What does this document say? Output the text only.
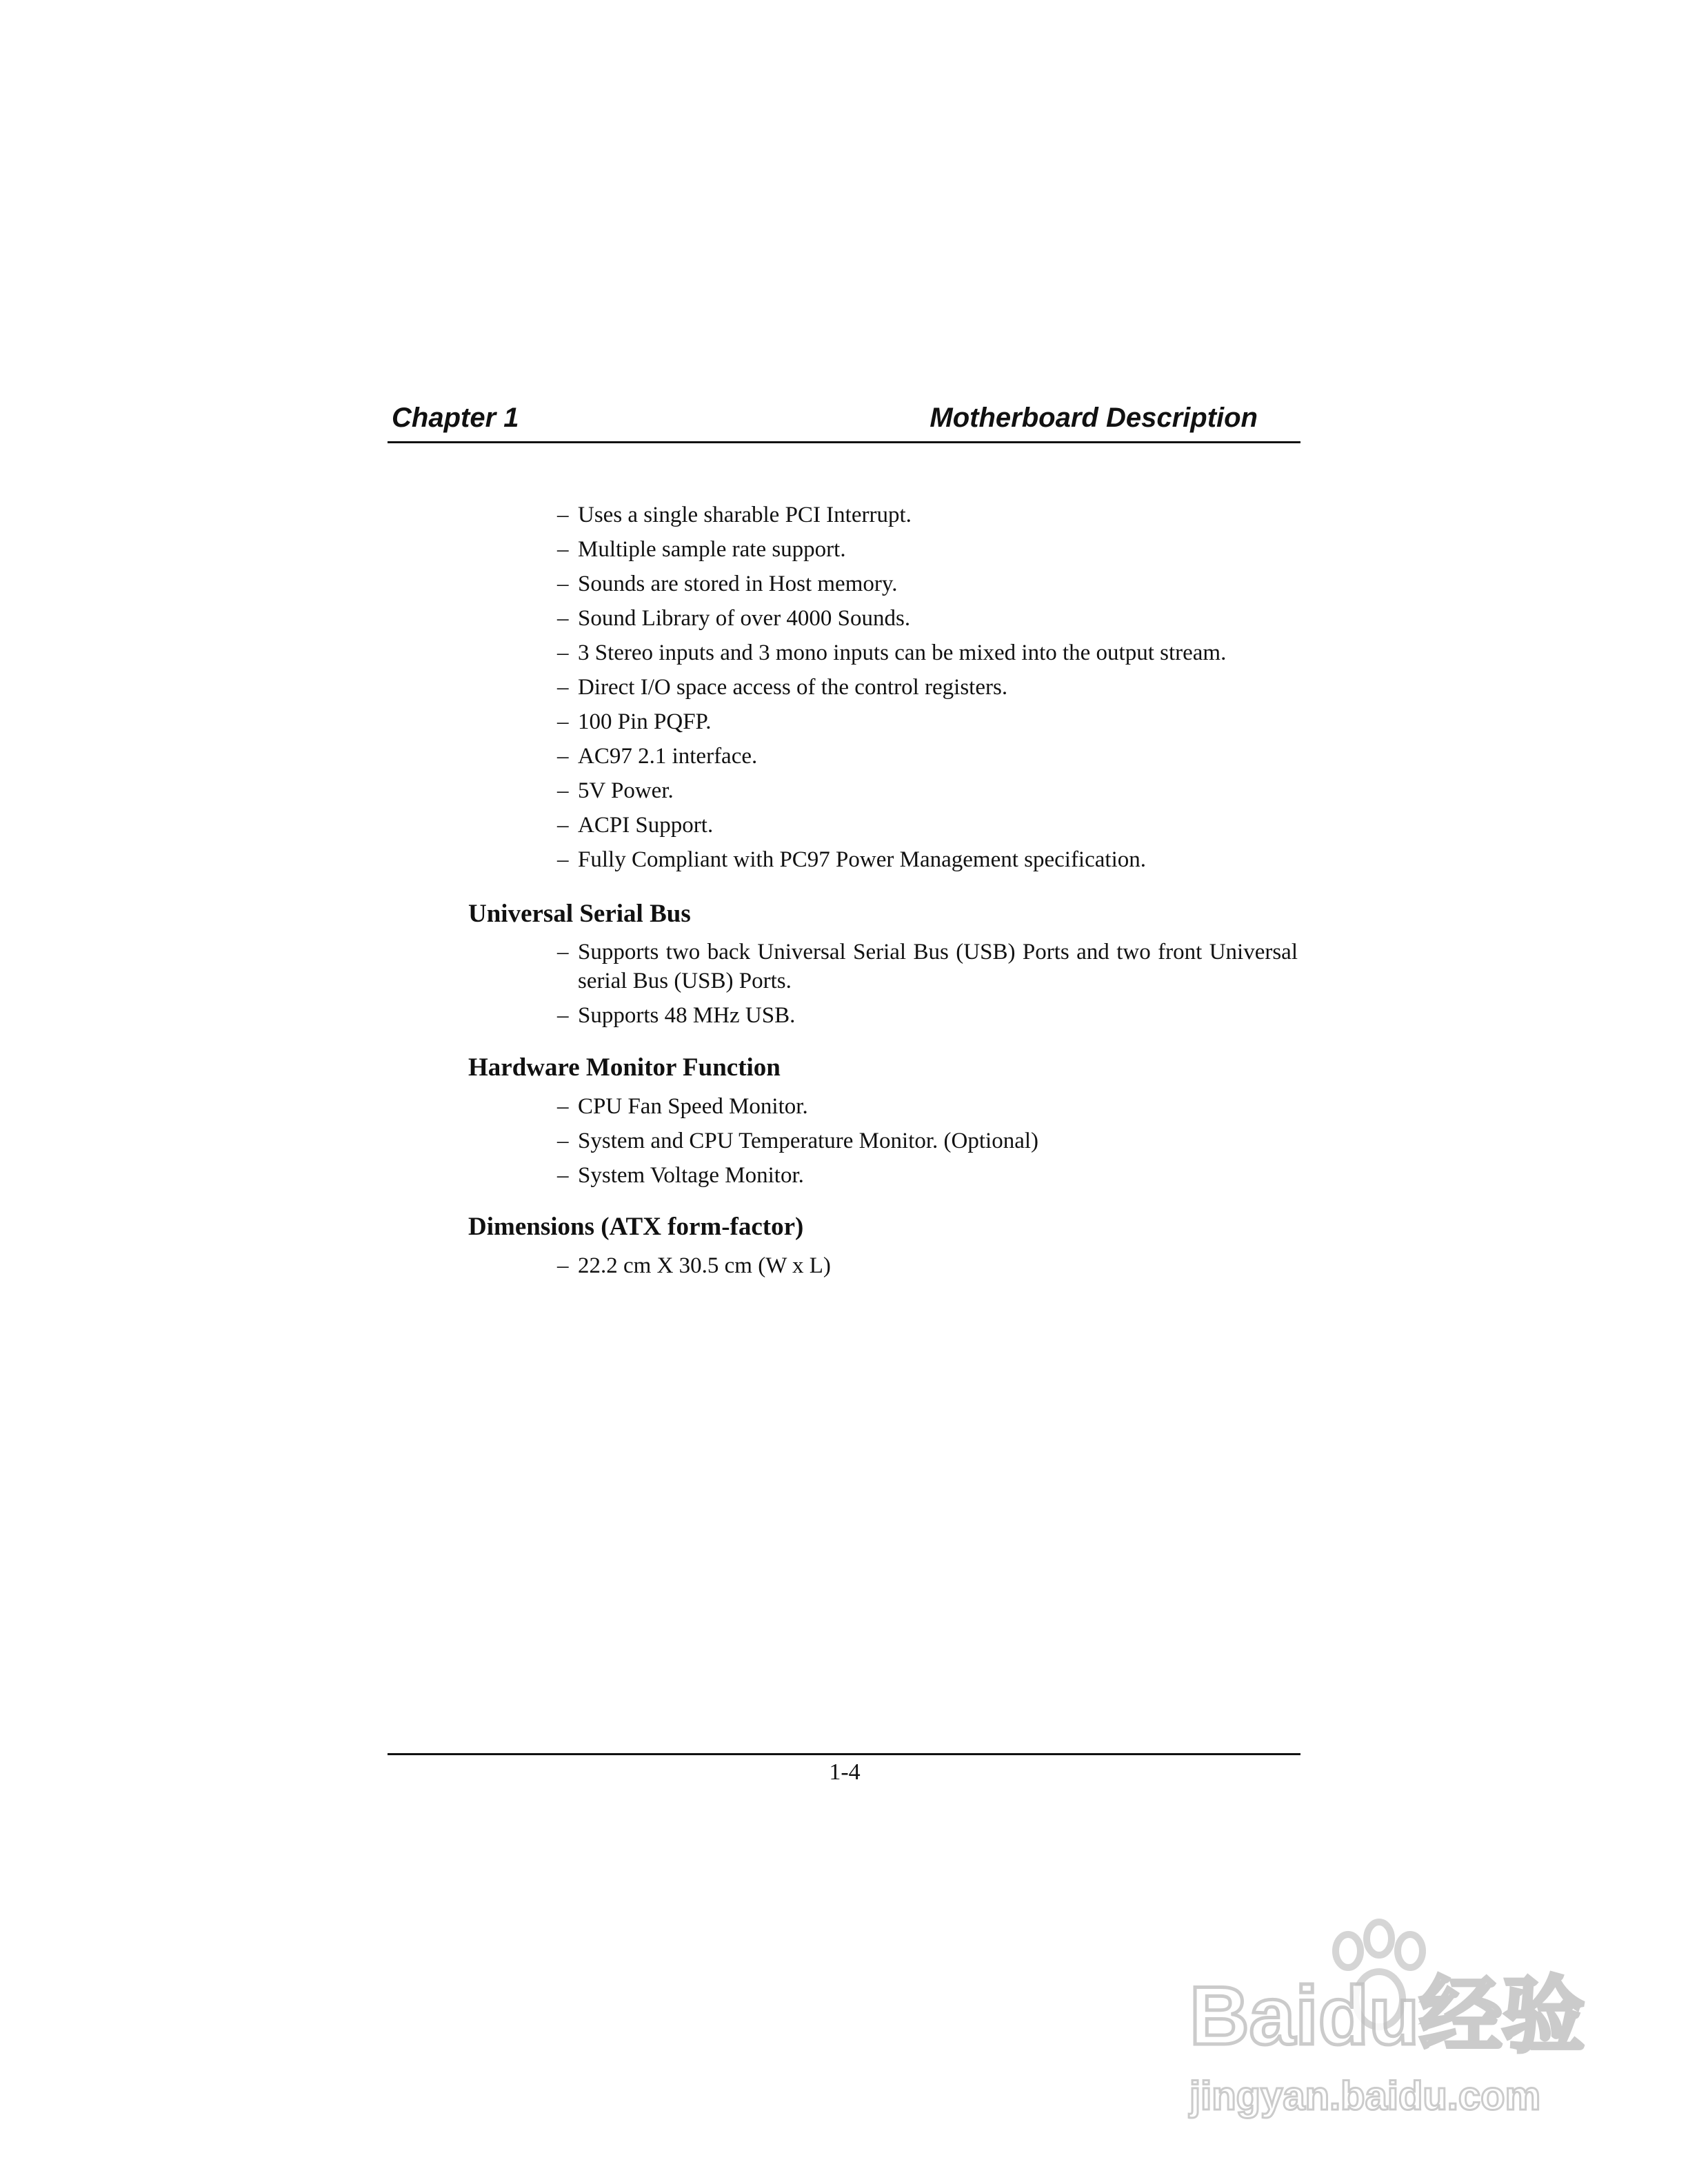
Chapter 1	Motherboard Description
– Uses a single sharable PCI Interrupt.
– Multiple sample rate support.
– Sounds are stored in Host memory.
– Sound Library of over 4000 Sounds.
– 3 Stereo inputs and 3 mono inputs can be mixed into the output stream.
– Direct I/O space access of the control registers.
– 100 Pin PQFP.
– AC97 2.1 interface.
– 5V Power.
– ACPI Support.
– Fully Compliant with PC97 Power Management specification.
Universal Serial Bus
– Supports two back Universal Serial Bus (USB) Ports and two front Universal serial Bus (USB) Ports.
– Supports 48 MHz USB.
Hardware Monitor Function
– CPU Fan Speed Monitor.
– System and CPU Temperature Monitor. (Optional)
– System Voltage Monitor.
Dimensions (ATX form-factor)
– 22.2 cm X 30.5 cm (W x L)
1-4
Baidu经验
jingyan.baidu.com
